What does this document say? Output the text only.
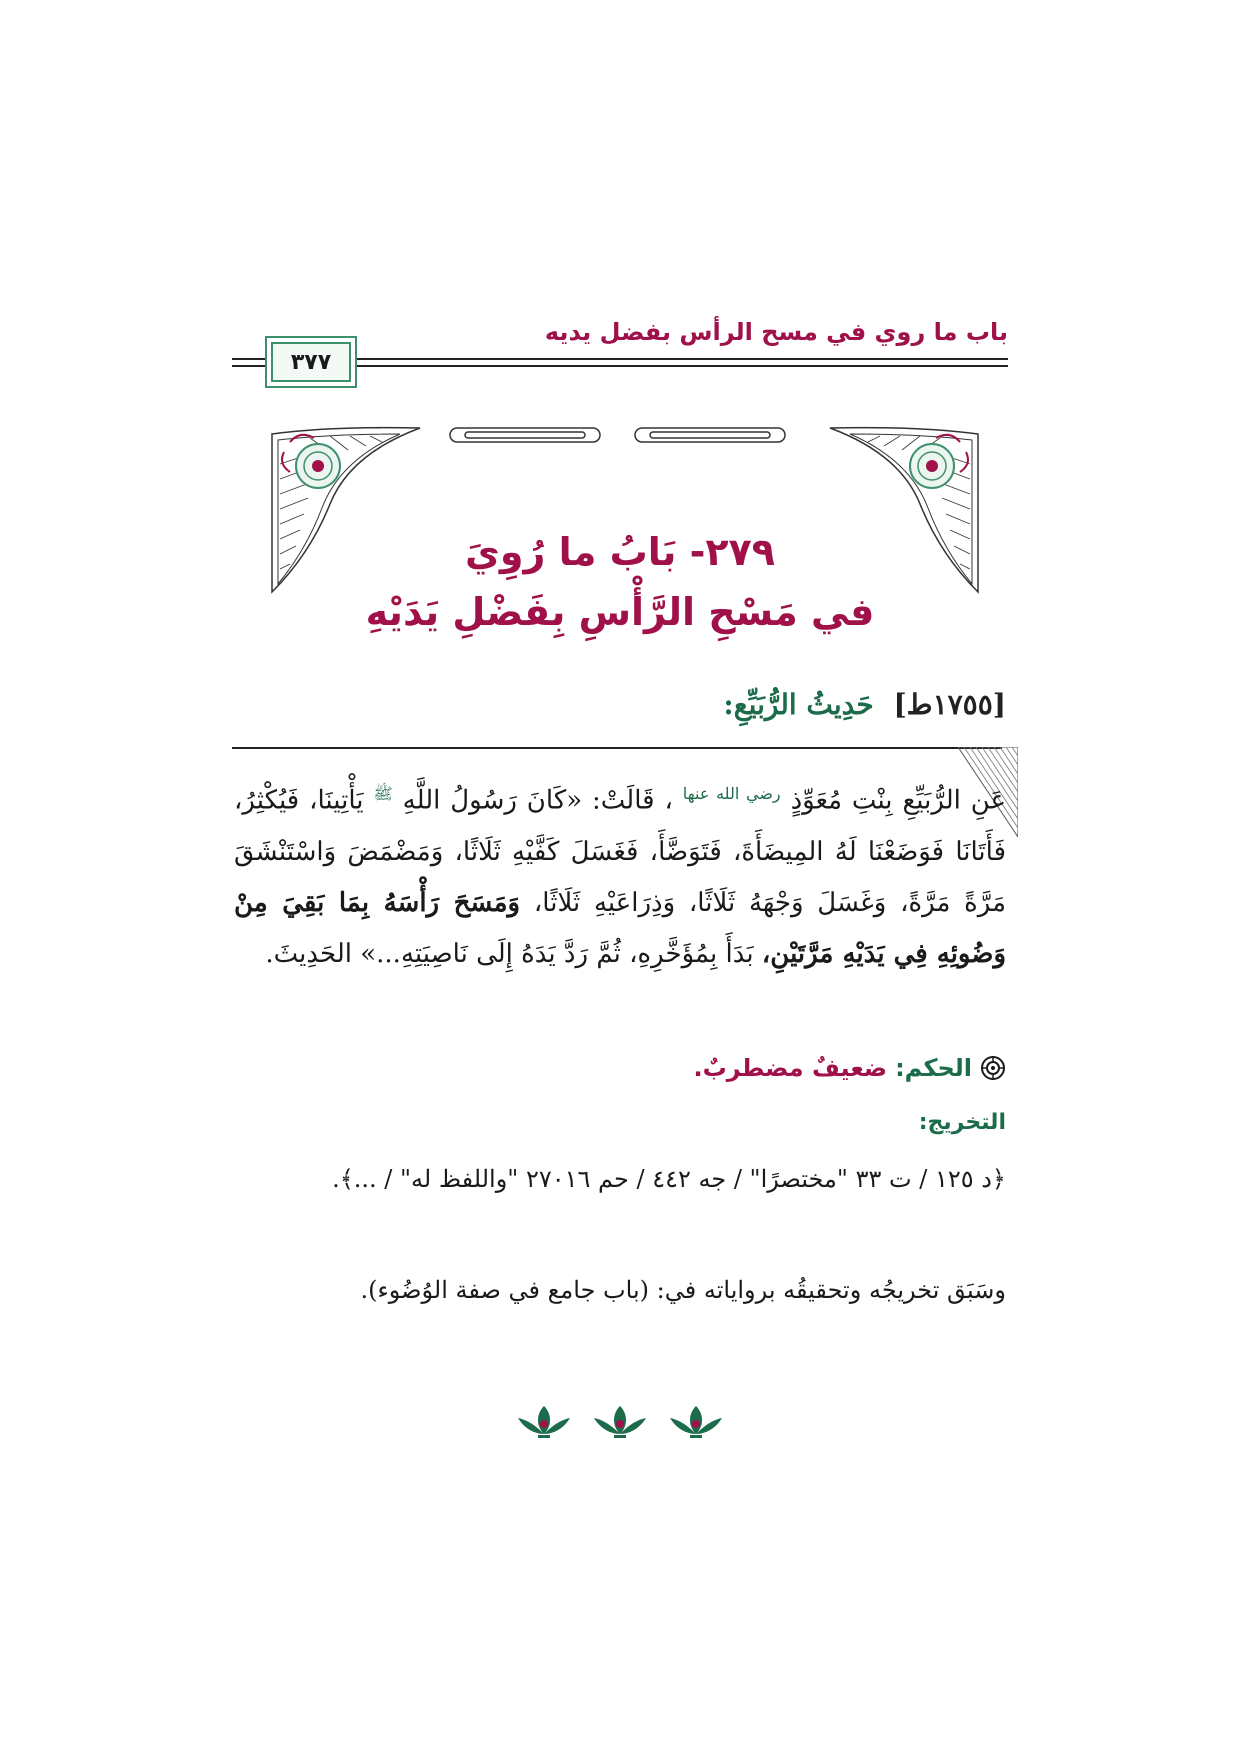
باب ما روي في مسح الرأس بفضل يديه
٣٧٧
٢٧٩- بَابُ ما رُوِيَ
في مَسْحِ الرَّأْسِ بِفَضْلِ يَدَيْهِ
[١٧٥٥ط] حَدِيثُ الرُّبَيِّعِ:
عَنِ الرُّبَيِّعِ بِنْتِ مُعَوِّذٍ $^{رضي الله عنها}$ ، قَالَتْ: «كَانَ رَسُولُ اللَّهِ $^ﷺ$ يَأْتِينَا، فَيُكْثِرُ، فَأَتَانَا فَوَضَعْنَا لَهُ المِيضَأَةَ، فَتَوَضَّأَ، فَغَسَلَ كَفَّيْهِ ثَلَاثًا، وَمَضْمَضَ وَاسْتَنْشَقَ مَرَّةً مَرَّةً، وَغَسَلَ وَجْهَهُ ثَلَاثًا، وَذِرَاعَيْهِ ثَلَاثًا، وَمَسَحَ رَأْسَهُ بِمَا بَقِيَ مِنْ وَضُوئِهِ فِي يَدَيْهِ مَرَّتَيْنِ، بَدَأَ بِمُؤَخَّرِهِ، ثُمَّ رَدَّ يَدَهُ إِلَى نَاصِيَتِهِ...» الحَدِيثَ.
الحكم:
ضعيفٌ مضطربٌ.
التخريج:
﴿د ١٢٥ / ت ٣٣ "مختصرًا" / جه ٤٤٢ / حم ٢٧٠١٦ "واللفظ له" / ...﴾.
وسَبَق تخريجُه وتحقيقُه برواياته في: (باب جامع في صفة الوُضُوء).
